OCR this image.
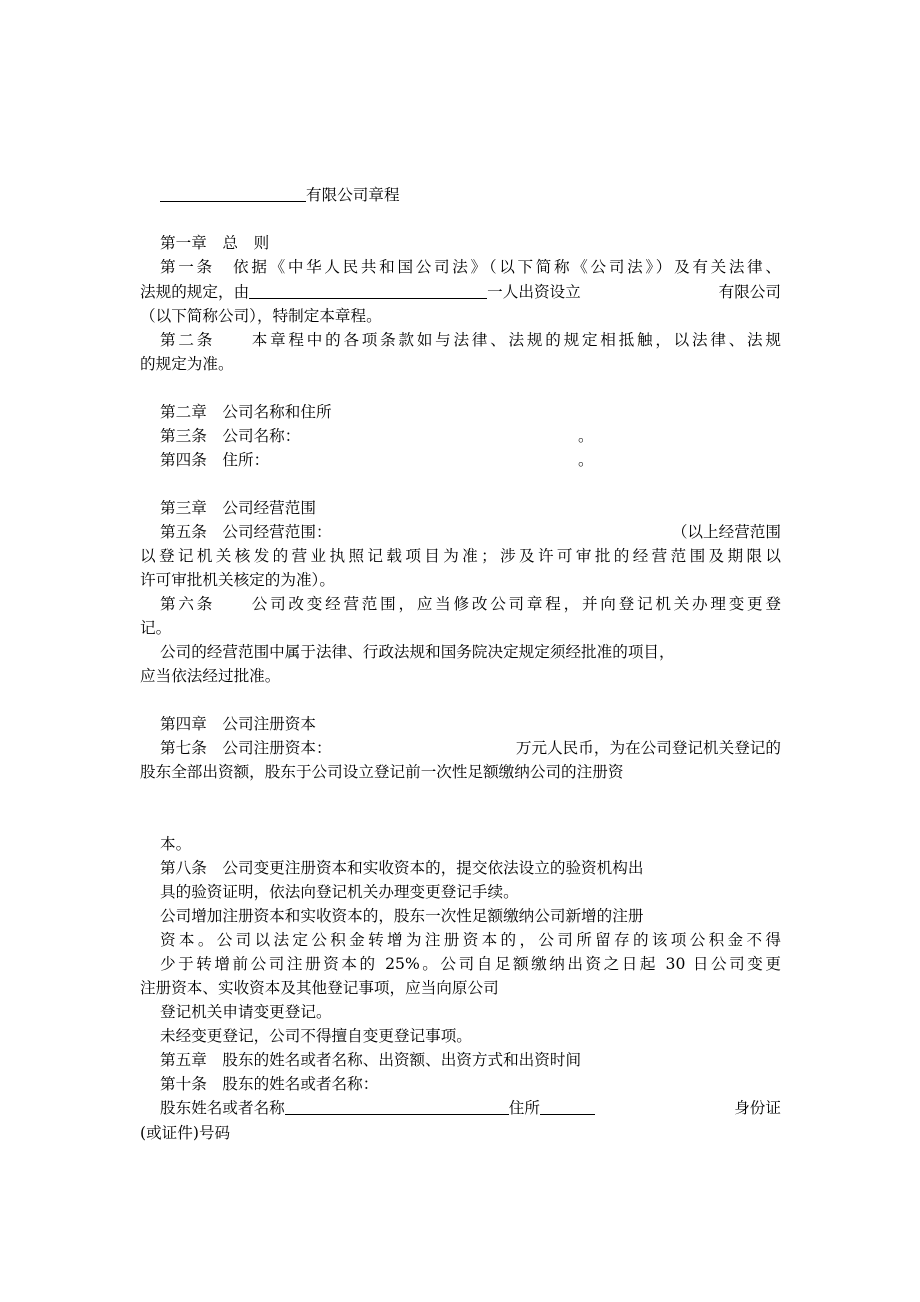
有限公司章程
第一章　总　则
第一条　依据《中华人民共和国公司法》（以下简称《公司法》）及有关法律、
法规的规定，由	一人出资设立	有限公司
（以下简称公司），特制定本章程。
第二条　　本章程中的各项条款如与法律、法规的规定相抵触，以法律、法规
的规定为准。
第二章　公司名称和住所
第三条　公司名称：	。
第四条　住所：	。
第三章　公司经营范围
第五条　公司经营范围：	（以上经营范围
以登记机关核发的营业执照记载项目为准；涉及许可审批的经营范围及期限以
许可审批机关核定的为准）。
第六条　　公司改变经营范围，应当修改公司章程，并向登记机关办理变更登
记。
公司的经营范围中属于法律、行政法规和国务院决定规定须经批准的项目，
应当依法经过批准。
第四章　公司注册资本
第七条　公司注册资本：	万元人民币，为在公司登记机关登记的
股东全部出资额，股东于公司设立登记前一次性足额缴纳公司的注册资
本。
第八条　公司变更注册资本和实收资本的，提交依法设立的验资机构出
具的验资证明，依法向登记机关办理变更登记手续。
公司增加注册资本和实收资本的，股东一次性足额缴纳公司新增的注册
资本。公司以法定公积金转增为注册资本的，公司所留存的该项公积金不得
少于转增前公司注册资本的 25%。公司自足额缴纳出资之日起 30 日公司变更
注册资本、实收资本及其他登记事项，应当向原公司
登记机关申请变更登记。
未经变更登记，公司不得擅自变更登记事项。
第五章　股东的姓名或者名称、出资额、出资方式和出资时间
第十条　股东的姓名或者名称：
股东姓名或者名称	住所	身份证
(或证件)号码
